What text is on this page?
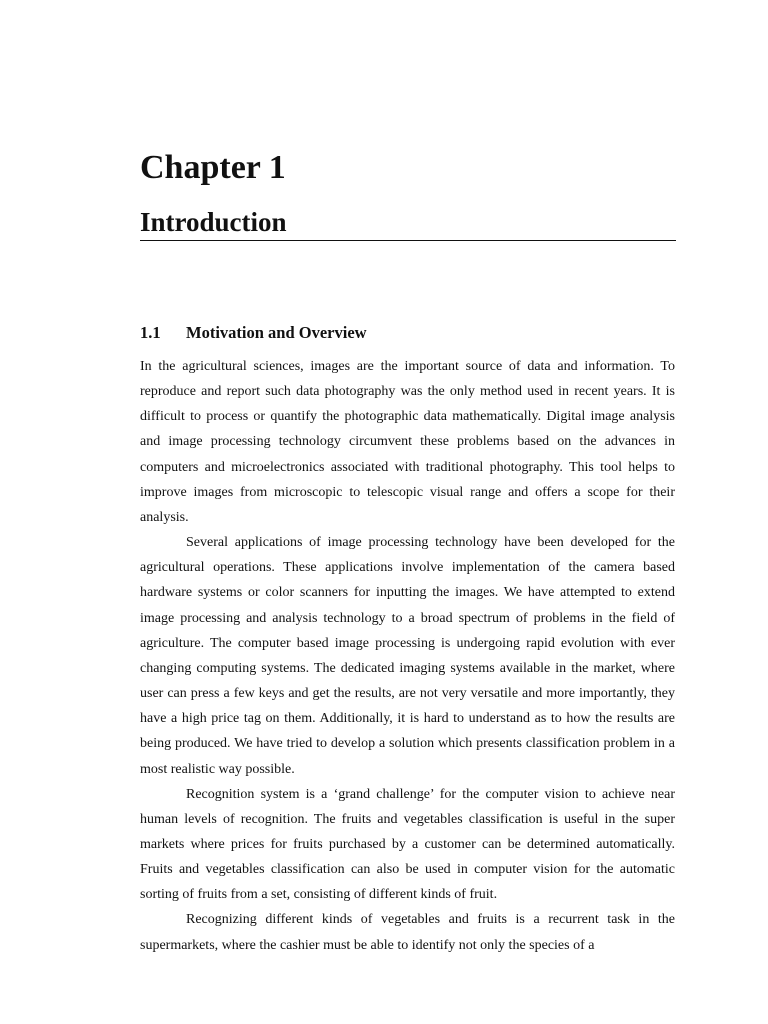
Chapter 1
Introduction
1.1 Motivation and Overview

In the agricultural sciences, images are the important source of data and information. To reproduce and report such data photography was the only method used in recent years. It is difficult to process or quantify the photographic data mathematically. Digital image analysis and image processing technology circumvent these problems based on the advances in computers and microelectronics associated with traditional photography. This tool helps to improve images from microscopic to telescopic visual range and offers a scope for their analysis.

Several applications of image processing technology have been developed for the agricultural operations. These applications involve implementation of the camera based hardware systems or color scanners for inputting the images. We have attempted to extend image processing and analysis technology to a broad spectrum of problems in the field of agriculture. The computer based image processing is undergoing rapid evolution with ever changing computing systems. The dedicated imaging systems available in the market, where user can press a few keys and get the results, are not very versatile and more importantly, they have a high price tag on them. Additionally, it is hard to understand as to how the results are being produced. We have tried to develop a solution which presents classification problem in a most realistic way possible.

Recognition system is a ‘grand challenge’ for the computer vision to achieve near human levels of recognition. The fruits and vegetables classification is useful in the super markets where prices for fruits purchased by a customer can be determined automatically. Fruits and vegetables classification can also be used in computer vision for the automatic sorting of fruits from a set, consisting of different kinds of fruit.

Recognizing different kinds of vegetables and fruits is a recurrent task in the supermarkets, where the cashier must be able to identify not only the species of a
